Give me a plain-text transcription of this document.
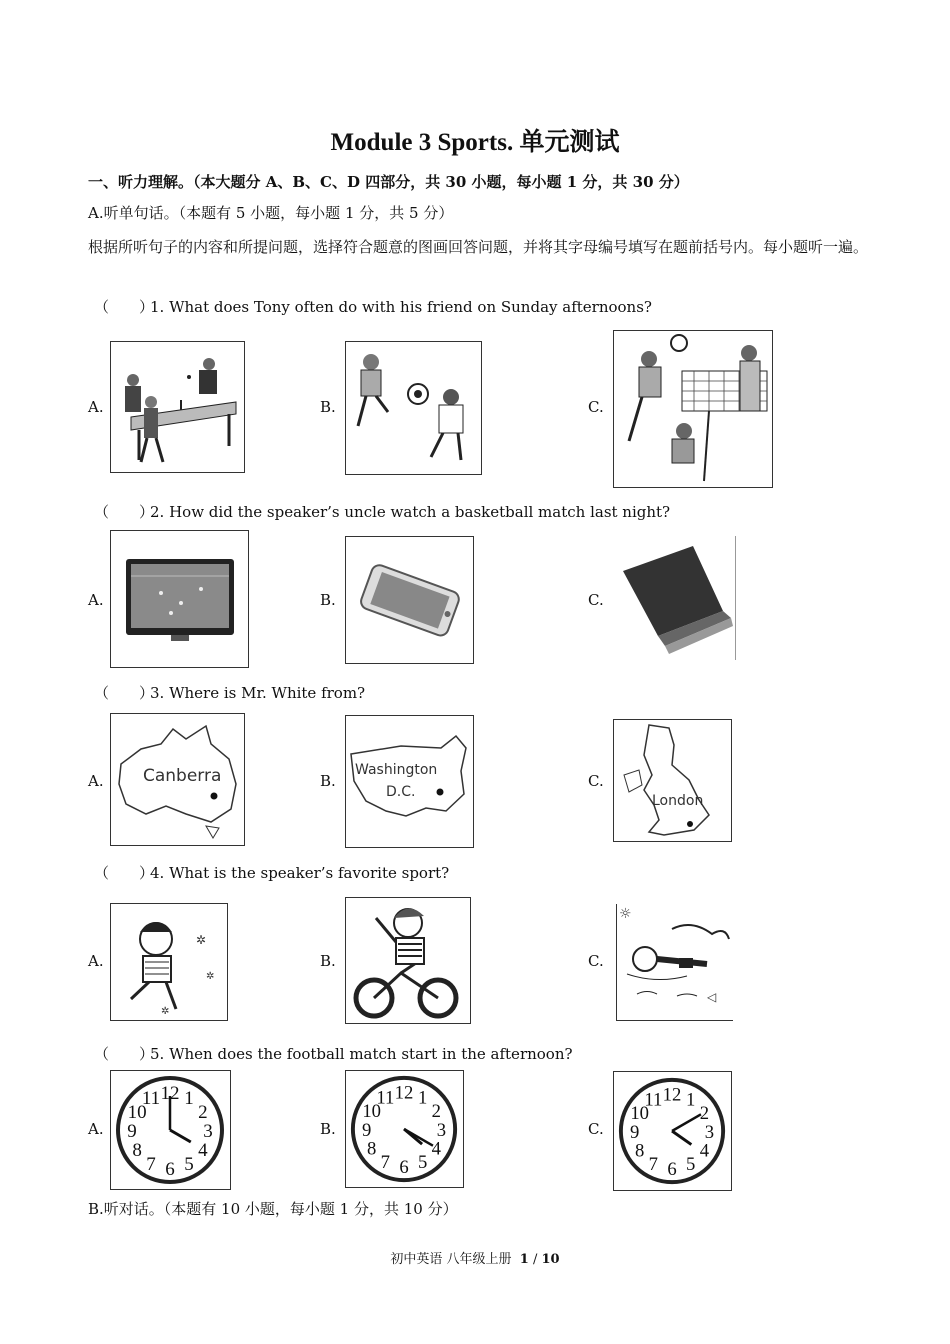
Module 3 Sports. 单元测试
一、听力理解。（本大题分 A、B、C、D 四部分，共 30 小题，每小题 1 分，共 30 分）
A.听单句话。（本题有 5 小题，每小题 1 分，共 5 分）
根据所听句子的内容和所提问题，选择符合题意的图画回答问题，并将其字母编号填写在题前括号内。每小题听一遍。
（　　）1. What does Tony often do with his friend on Sunday afternoons?
A.	B.	C.
（　　）2. How did the speaker’s uncle watch a basketball match last night?
A.	B.	C.
（　　）3. Where is Mr. White from?
A.	B.	C.
Canberra	Washington
D.C.
London
（　　）4. What is the speaker’s favorite sport?
A.	B.	C.
✲
✲
✲
☼
◁
（　　）5. When does the football match start in the afternoon?
A.	B.	C.
12 1
2
3
4
5
6
7
8
9
10
11	12 1
2
3
4
5
6
7
8
9
10
11	12 1
2
3
4
5
6
7
8
9
10
11
B.听对话。（本题有 10 小题，每小题 1 分，共 10 分）
初中英语 八年级上册 1 / 10
